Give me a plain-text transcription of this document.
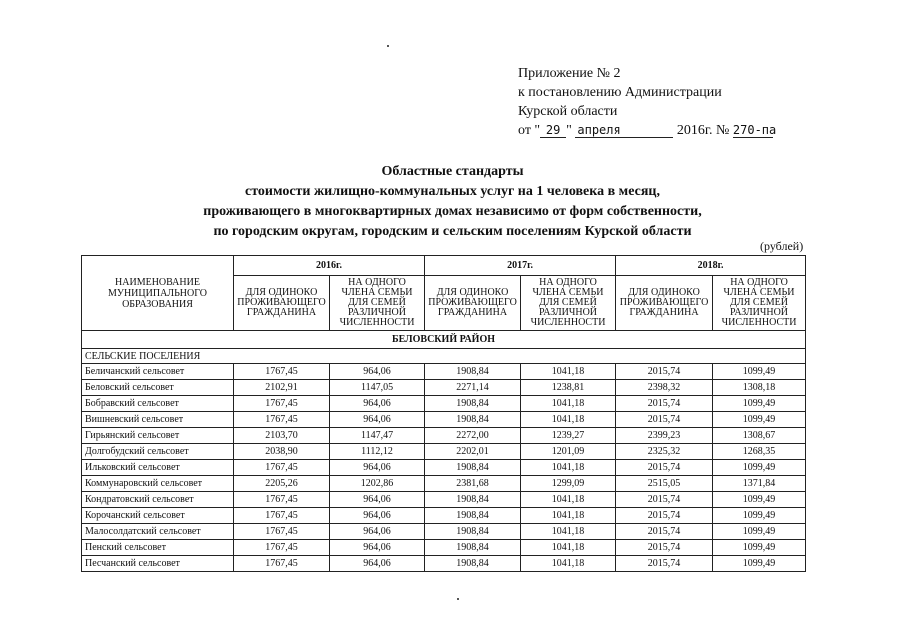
Приложение № 2
к постановлению Администрации
Курской области
от " 29 " апреля	2016г. № 270-па
Областные стандарты
стоимости жилищно-коммунальных услуг на 1 человека в месяц,
проживающего в многоквартирных домах независимо от форм собственности,
по городским округам, городским и сельским поселениям Курской области
(рублей)
НАИМЕНОВАНИЕ МУНИЦИПАЛЬНОГО ОБРАЗОВАНИЯ	2016г.		2017г.		2018г.	
	ДЛЯ ОДИНОКО ПРОЖИВАЮЩЕГО ГРАЖДАНИНА	НА ОДНОГО ЧЛЕНА СЕМЬИ ДЛЯ СЕМЕЙ РАЗЛИЧНОЙ ЧИСЛЕННОСТИ	ДЛЯ ОДИНОКО ПРОЖИВАЮЩЕГО ГРАЖДАНИНА	НА ОДНОГО ЧЛЕНА СЕМЬИ ДЛЯ СЕМЕЙ РАЗЛИЧНОЙ ЧИСЛЕННОСТИ	ДЛЯ ОДИНОКО ПРОЖИВАЮЩЕГО ГРАЖДАНИНА	НА ОДНОГО ЧЛЕНА СЕМЬИ ДЛЯ СЕМЕЙ РАЗЛИЧНОЙ ЧИСЛЕННОСТИ
БЕЛОВСКИЙ РАЙОН						
СЕЛЬСКИЕ ПОСЕЛЕНИЯ						
Беличанский сельсовет	1767,45	964,06	1908,84	1041,18	2015,74	1099,49
Беловский сельсовет	2102,91	1147,05	2271,14	1238,81	2398,32	1308,18
Бобравский сельсовет	1767,45	964,06	1908,84	1041,18	2015,74	1099,49
Вишневский сельсовет	1767,45	964,06	1908,84	1041,18	2015,74	1099,49
Гирьянский сельсовет	2103,70	1147,47	2272,00	1239,27	2399,23	1308,67
Долгобудский сельсовет	2038,90	1112,12	2202,01	1201,09	2325,32	1268,35
Ильковский сельсовет	1767,45	964,06	1908,84	1041,18	2015,74	1099,49
Коммунаровский сельсовет	2205,26	1202,86	2381,68	1299,09	2515,05	1371,84
Кондратовский сельсовет	1767,45	964,06	1908,84	1041,18	2015,74	1099,49
Корочанский сельсовет	1767,45	964,06	1908,84	1041,18	2015,74	1099,49
Малосолдатский сельсовет	1767,45	964,06	1908,84	1041,18	2015,74	1099,49
Пенский сельсовет	1767,45	964,06	1908,84	1041,18	2015,74	1099,49
Песчанский сельсовет	1767,45	964,06	1908,84	1041,18	2015,74	1099,49
